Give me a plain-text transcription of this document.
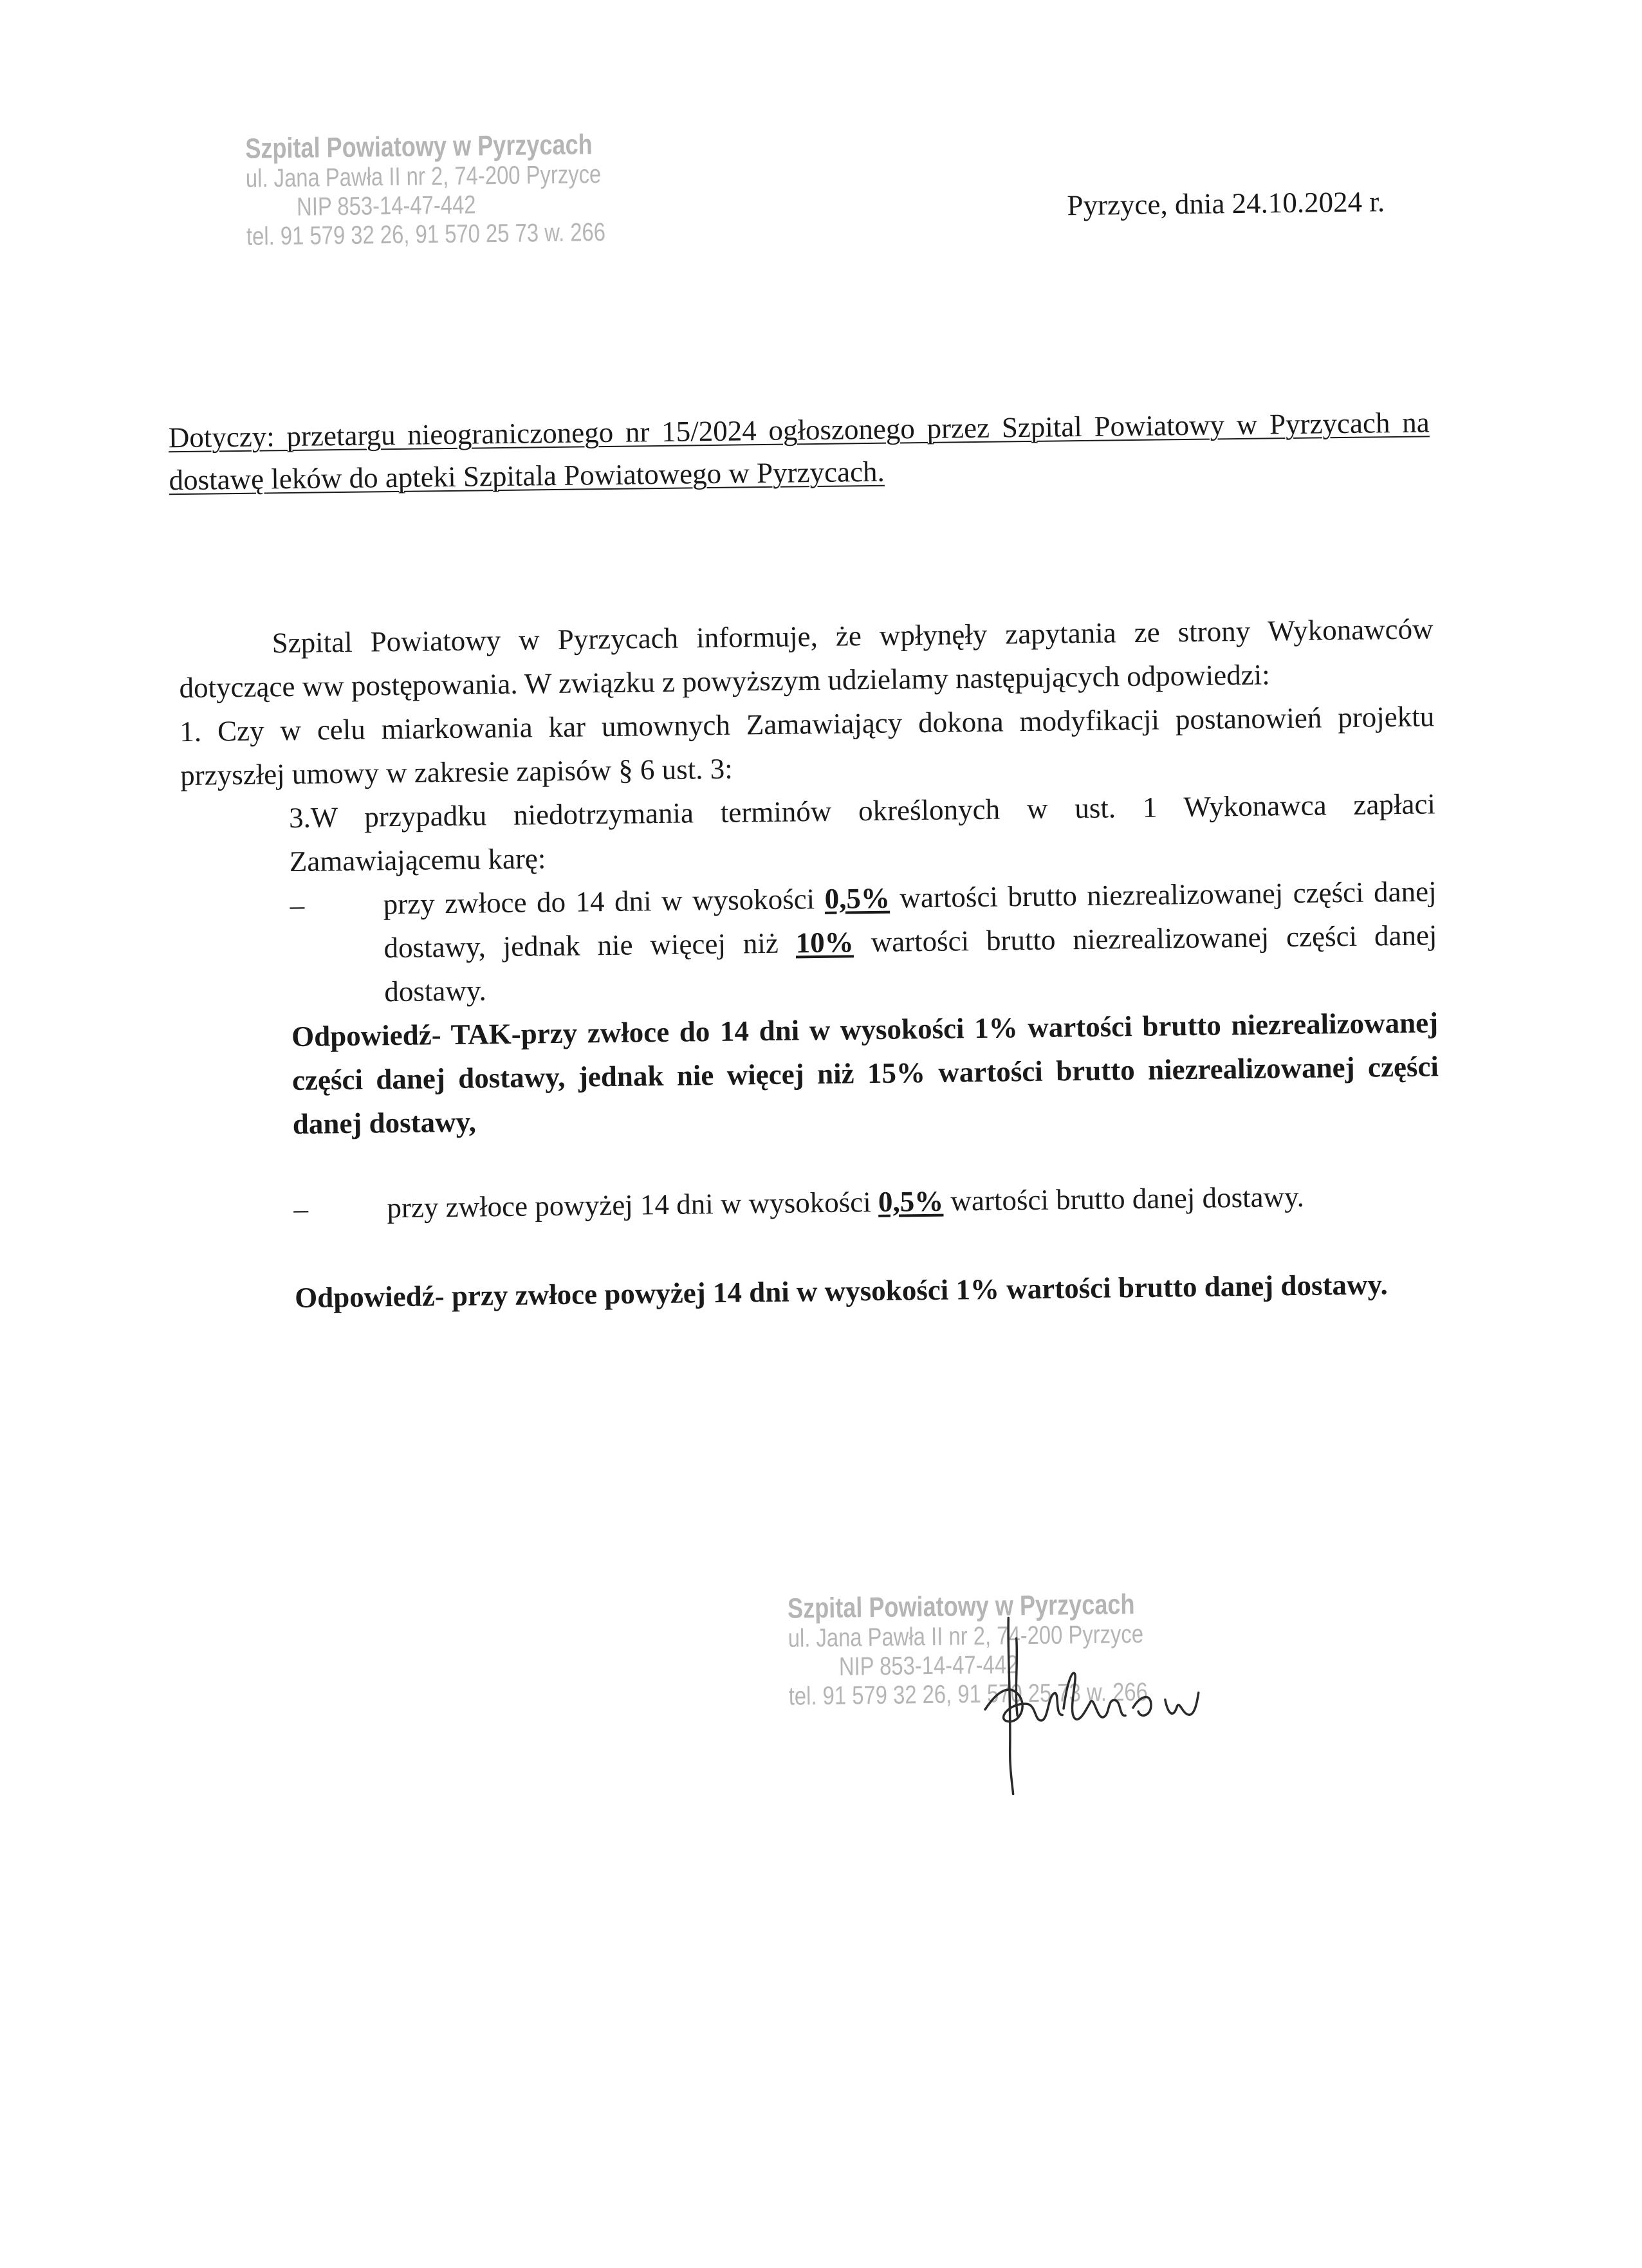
Szpital Powiatowy w Pyrzycach
ul. Jana Pawła II nr 2, 74-200 Pyrzyce
NIP 853-14-47-442
tel. 91 579 32 26, 91 570 25 73 w. 266
Pyrzyce, dnia 24.10.2024 r.
Dotyczy: przetargu nieograniczonego nr 15/2024 ogłoszonego przez Szpital Powiatowy w Pyrzycach na dostawę leków do apteki Szpitala Powiatowego w Pyrzycach.

Szpital Powiatowy w Pyrzycach informuje, że wpłynęły zapytania ze strony Wykonawców dotyczące ww postępowania. W związku z powyższym udzielamy następujących odpowiedzi:

1. Czy w celu miarkowania kar umownych Zamawiający dokona modyfikacji postanowień projektu przyszłej umowy w zakresie zapisów § 6 ust. 3:

3.W przypadku niedotrzymania terminów określonych w ust. 1 Wykonawca zapłaci Zamawiającemu karę:

–	przy zwłoce do 14 dni w wysokości 0,5% wartości brutto niezrealizowanej części danej dostawy, jednak nie więcej niż 10% wartości brutto niezrealizowanej części danej dostawy.

Odpowiedź- TAK-przy zwłoce do 14 dni w wysokości 1% wartości brutto niezrealizowanej części danej dostawy, jednak nie więcej niż 15% wartości brutto niezrealizowanej części danej dostawy,

–	przy zwłoce powyżej 14 dni w wysokości 0,5% wartości brutto danej dostawy.

Odpowiedź- przy zwłoce powyżej 14 dni w wysokości 1% wartości brutto danej dostawy.

Szpital Powiatowy w Pyrzycach
ul. Jana Pawła II nr 2, 74-200 Pyrzyce
NIP 853-14-47-442
tel. 91 579 32 26, 91 570 25 73 w. 266
